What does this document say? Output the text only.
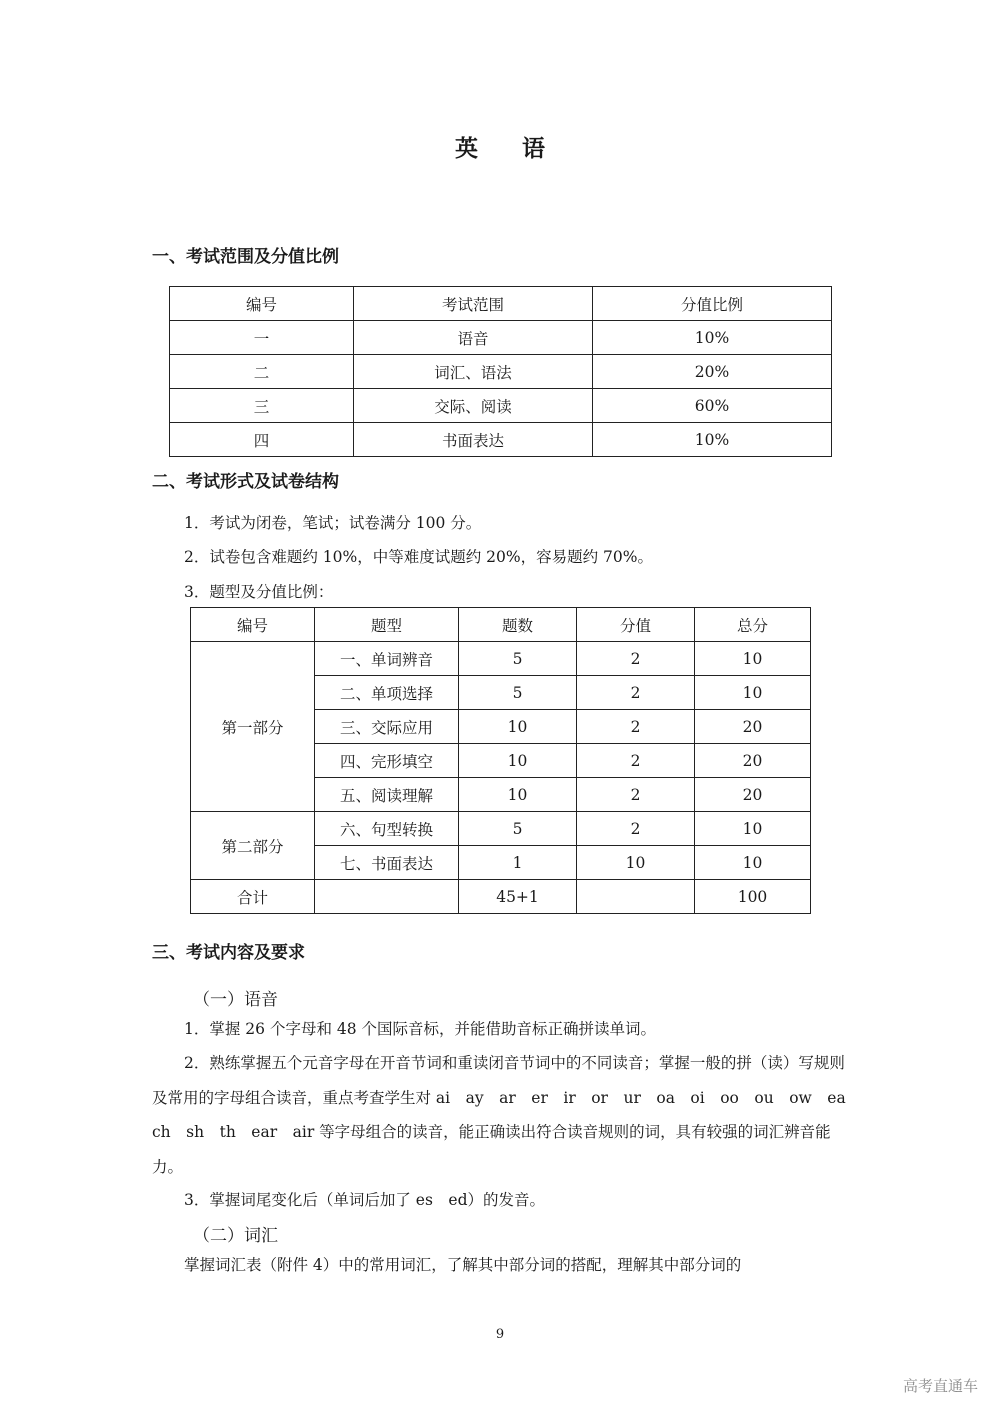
英 语
一、考试范围及分值比例
编号	考试范围	分值比例
一	语音	10%
二	词汇、语法	20%
三	交际、阅读	60%
四	书面表达	10%
二、考试形式及试卷结构

1．考试为闭卷，笔试；试卷满分 100 分。

2．试卷包含难题约 10%，中等难度试题约 20%，容易题约 70%。

3．题型及分值比例：

编号	题型	题数	分值	总分
第一部分	一、单词辨音	5	2	10
	二、单项选择	5	2	10
	三、交际应用	10	2	20
	四、完形填空	10	2	20
	五、阅读理解	10	2	20
第二部分	六、句型转换	5	2	10
	七、书面表达	1	10	10
合计		45+1		100
三、考试内容及要求
（一）语音

1．掌握 26 个字母和 48 个国际音标，并能借助音标正确拼读单词。

2．熟练掌握五个元音字母在开音节词和重读闭音节词中的不同读音；掌握一般的拼（读）写规则及常用的字母组合读音，重点考查学生对 ai　ay　ar　er　ir　or　ur　oa　oi　oo　ou　ow　ea　ch　sh　th　ear　air 等字母组合的读音，能正确读出符合读音规则的词，具有较强的词汇辨音能力。

3．掌握词尾变化后（单词后加了 es　ed）的发音。

（二）词汇

掌握词汇表（附件 4）中的常用词汇，了解其中部分词的搭配，理解其中部分词的

9
高考直通车
